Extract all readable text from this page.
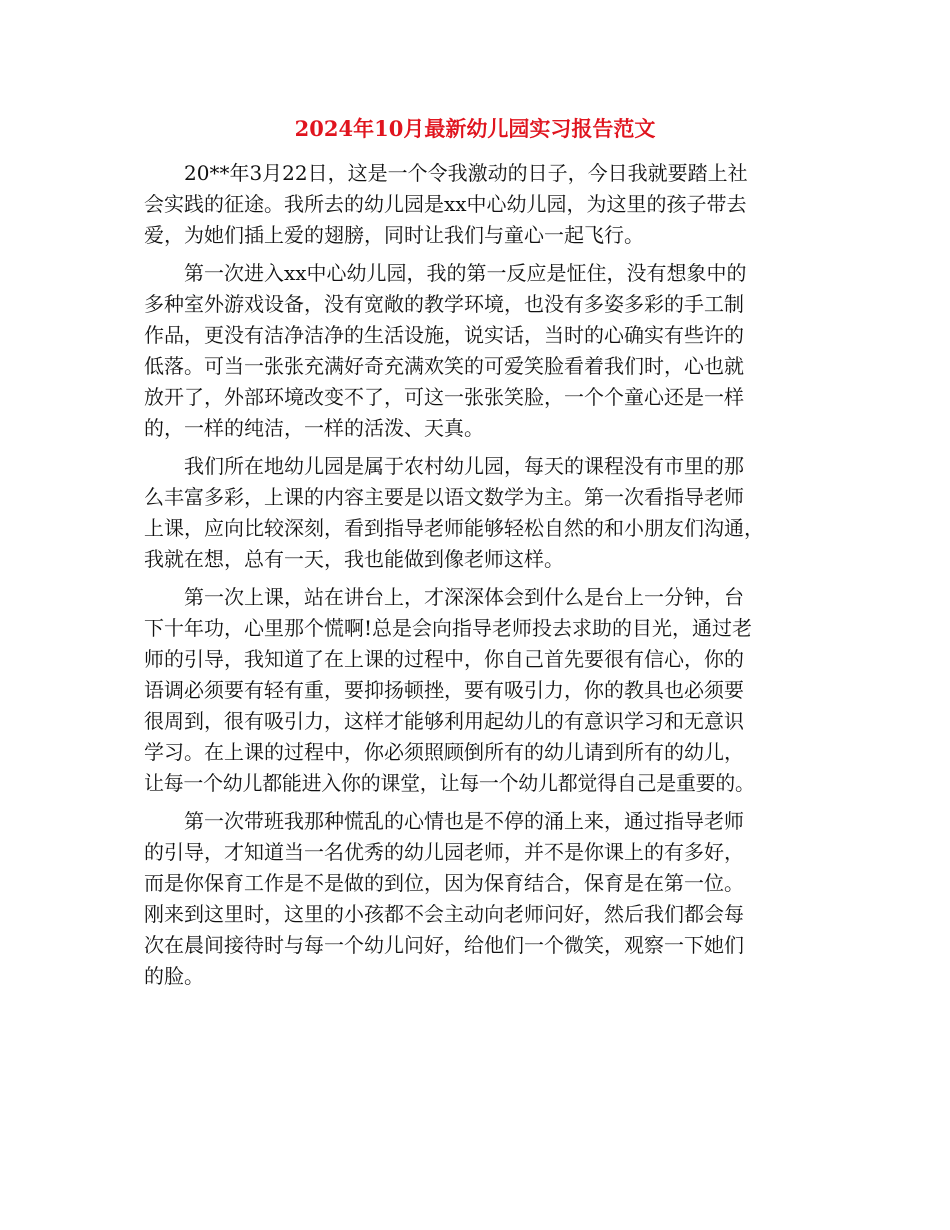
2024年10月最新幼儿园实习报告范文
20**年3月22日，这是一个令我激动的日子，今日我就要踏上社
会实践的征途。我所去的幼儿园是xx中心幼儿园，为这里的孩子带去
爱，为她们插上爱的翅膀，同时让我们与童心一起飞行。
第一次进入xx中心幼儿园，我的第一反应是怔住，没有想象中的
多种室外游戏设备，没有宽敞的教学环境，也没有多姿多彩的手工制
作品，更没有洁净洁净的生活设施，说实话，当时的心确实有些许的
低落。可当一张张充满好奇充满欢笑的可爱笑脸看着我们时，心也就
放开了，外部环境改变不了，可这一张张笑脸，一个个童心还是一样
的，一样的纯洁，一样的活泼、天真。
我们所在地幼儿园是属于农村幼儿园，每天的课程没有市里的那
么丰富多彩，上课的内容主要是以语文数学为主。第一次看指导老师
上课，应向比较深刻，看到指导老师能够轻松自然的和小朋友们沟通，
我就在想，总有一天，我也能做到像老师这样。
第一次上课，站在讲台上，才深深体会到什么是台上一分钟，台
下十年功，心里那个慌啊!总是会向指导老师投去求助的目光，通过老
师的引导，我知道了在上课的过程中，你自己首先要很有信心，你的
语调必须要有轻有重，要抑扬顿挫，要有吸引力，你的教具也必须要
很周到，很有吸引力，这样才能够利用起幼儿的有意识学习和无意识
学习。在上课的过程中，你必须照顾倒所有的幼儿请到所有的幼儿，
让每一个幼儿都能进入你的课堂，让每一个幼儿都觉得自己是重要的。
第一次带班我那种慌乱的心情也是不停的涌上来，通过指导老师
的引导，才知道当一名优秀的幼儿园老师，并不是你课上的有多好，
而是你保育工作是不是做的到位，因为保育结合，保育是在第一位。
刚来到这里时，这里的小孩都不会主动向老师问好，然后我们都会每
次在晨间接待时与每一个幼儿问好，给他们一个微笑，观察一下她们
的脸。
